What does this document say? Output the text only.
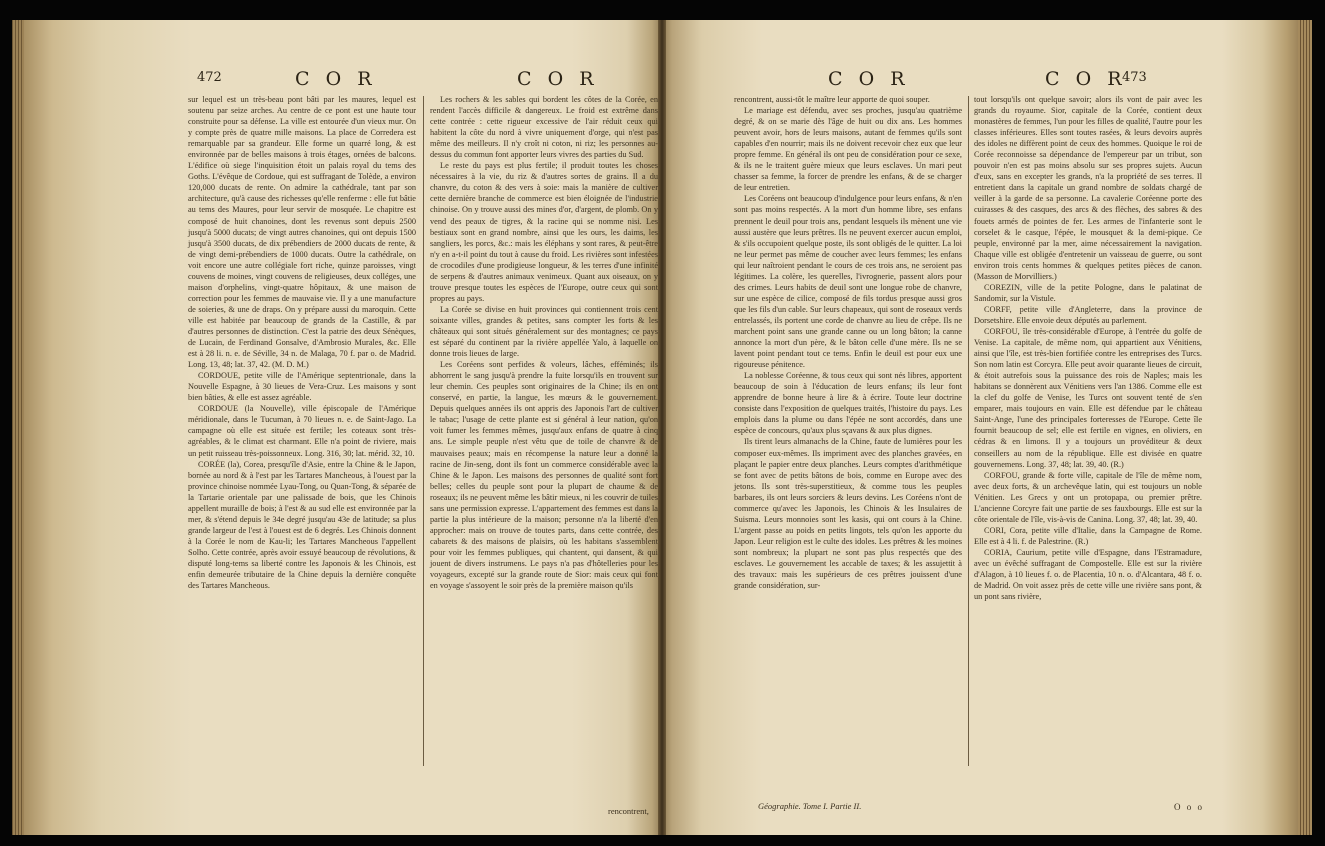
472	C O R	C O R

sur lequel est un très-beau pont bâti par les maures, lequel est soutenu par seize arches. Au centre de ce pont est une haute tour construite pour sa défense. La ville est entourée d'un vieux mur. On y compte près de quatre mille maisons. La place de Corredera est remarquable par sa grandeur. Elle forme un quarré long, & est environnée par de belles maisons à trois étages, ornées de balcons. L'édifice où siege l'inquisition étoit un palais royal du tems des Goths. L'évêque de Cordoue, qui est suffragant de Tolède, a environ 120,000 ducats de rente. On admire la cathédrale, tant par son architecture, qu'à cause des richesses qu'elle renferme : elle fut bâtie au tems des Maures, pour leur servir de mosquée. Le chapitre est composé de huit chanoines, dont les revenus sont depuis 2500 jusqu'à 5000 ducats; de vingt autres chanoines, qui ont depuis 1500 jusqu'à 3500 ducats, de dix prébendiers de 2000 ducats de rente, & de vingt demi-prébendiers de 1000 ducats. Outre la cathédrale, on voit encore une autre collégiale fort riche, quinze paroisses, vingt couvens de moines, vingt couvens de religieuses, deux colléges, une maison d'orphelins, vingt-quatre hôpitaux, & une maison de correction pour les femmes de mauvaise vie. Il y a une manufacture de soieries, & une de draps. On y prépare aussi du maroquin. Cette ville est habitée par beaucoup de grands de la Castille, & par d'autres personnes de distinction. C'est la patrie des deux Sénèques, de Lucain, de Ferdinand Gonsalve, d'Ambrosio Murales, &c. Elle est à 28 li. n. e. de Séville, 34 n. de Malaga, 70 f. par o. de Madrid. Long. 13, 48; lat. 37, 42. (M. D. M.)

CORDOUE, petite ville de l'Amérique septentrionale, dans la Nouvelle Espagne, à 30 lieues de Vera-Cruz. Les maisons y sont bien bâties, & elle est assez agréable.

CORDOUE (la Nouvelle), ville épiscopale de l'Amérique méridionale, dans le Tucuman, à 70 lieues n. e. de Saint-Jago. La campagne où elle est située est fertile; les coteaux sont très-agréables, & le climat est charmant. Elle n'a point de riviere, mais un petit ruisseau très-poissonneux. Long. 316, 30; lat. mérid. 32, 10.

CORÉE (la), Corea, presqu'île d'Asie, entre la Chine & le Japon, bornée au nord & à l'est par les Tartares Mancheous, à l'ouest par la province chinoise nommée Lyau-Tong, ou Quan-Tong, & séparée de la Tartarie orientale par une palissade de bois, que les Chinois appellent muraille de bois; à l'est & au sud elle est environnée par la mer, & s'étend depuis le 34e degré jusqu'au 43e de latitude; sa plus grande largeur de l'est à l'ouest est de 6 degrés. Les Chinois donnent à la Corée le nom de Kau-li; les Tartares Mancheous l'appellent Solho. Cette contrée, après avoir essuyé beaucoup de révolutions, & disputé long-tems sa liberté contre les Japonois & les Chinois, est enfin demeurée tributaire de la Chine depuis la dernière conquête des Tartares Mancheous.

Les rochers & les sables qui bordent les côtes de la Corée, en rendent l'accès difficile & dangereux. Le froid est extrême dans cette contrée : cette rigueur excessive de l'air réduit ceux qui habitent la côte du nord à vivre uniquement d'orge, qui n'est pas même des meilleurs. Il n'y croît ni coton, ni riz; les personnes au-dessus du commun font apporter leurs vivres des parties du Sud.

Le reste du pays est plus fertile; il produit toutes les choses nécessaires à la vie, du riz & d'autres sortes de grains. Il a du chanvre, du coton & des vers à soie: mais la manière de cultiver cette dernière branche de commerce est bien éloignée de l'industrie chinoise. On y trouve aussi des mines d'or, d'argent, de plomb. On y vend des peaux de tigres, & la racine qui se nomme nisi. Les bestiaux sont en grand nombre, ainsi que les ours, les daims, les sangliers, les porcs, &c.: mais les éléphans y sont rares, & peut-être n'y en a-t-il point du tout à cause du froid. Les rivières sont infestées de crocodiles d'une prodigieuse longueur, & les terres d'une infinité de serpens & d'autres animaux venimeux. Quant aux oiseaux, on y trouve presque toutes les espèces de l'Europe, outre ceux qui sont propres au pays.

La Corée se divise en huit provinces qui contiennent trois cent soixante villes, grandes & petites, sans compter les forts & les châteaux qui sont situés généralement sur des montagnes; ce pays est séparé du continent par la rivière appellée Yalo, à laquelle on donne trois lieues de large.

Les Coréens sont perfides & voleurs, lâches, efféminés; ils abhorrent le sang jusqu'à prendre la fuite lorsqu'ils en trouvent sur leur chemin. Ces peuples sont originaires de la Chine; ils en ont conservé, en partie, la langue, les mœurs & le gouvernement. Depuis quelques années ils ont appris des Japonois l'art de cultiver le tabac; l'usage de cette plante est si général à leur nation, qu'on voit fumer les femmes mêmes, jusqu'aux enfans de quatre à cinq ans. Le simple peuple n'est vêtu que de toile de chanvre & de mauvaises peaux; mais en récompense la nature leur a donné la racine de Jin-seng, dont ils font un commerce considérable avec la Chine & le Japon. Les maisons des personnes de qualité sont fort belles; celles du peuple sont pour la plupart de chaume & de roseaux; ils ne peuvent même les bâtir mieux, ni les couvrir de tuiles sans une permission expresse. L'appartement des femmes est dans la partie la plus intérieure de la maison; personne n'a la liberté d'en approcher: mais on trouve de toutes parts, dans cette contrée, des cabarets & des maisons de plaisirs, où les habitans s'assemblent pour voir les femmes publiques, qui chantent, qui dansent, & qui jouent de divers instrumens. Le pays n'a pas d'hôtelleries pour les voyageurs, excepté sur la grande route de Sior: mais ceux qui font en voyage s'assoyent le soir près de la première maison qu'ils

rencontrent,
C O R	C O R
473

rencontrent, aussi-tôt le maître leur apporte de quoi souper.

Le mariage est défendu, avec ses proches, jusqu'au quatrième degré, & on se marie dès l'âge de huit ou dix ans. Les hommes peuvent avoir, hors de leurs maisons, autant de femmes qu'ils sont capables d'en nourrir; mais ils ne doivent recevoir chez eux que leur propre femme. En général ils ont peu de considération pour ce sexe, & ils ne le traitent guère mieux que leurs esclaves. Un mari peut chasser sa femme, la forcer de prendre les enfans, & de se charger de leur entretien.

Les Coréens ont beaucoup d'indulgence pour leurs enfans, & n'en sont pas moins respectés. A la mort d'un homme libre, ses enfans prennent le deuil pour trois ans, pendant lesquels ils mènent une vie aussi austère que leurs prêtres. Ils ne peuvent exercer aucun emploi, & s'ils occupoient quelque poste, ils sont obligés de le quitter. La loi ne leur permet pas même de coucher avec leurs femmes; les enfans qui leur naîtroient pendant le cours de ces trois ans, ne seroient pas légitimes. La colère, les querelles, l'ivrognerie, passent alors pour des crimes. Leurs habits de deuil sont une longue robe de chanvre, sur une espèce de cilice, composé de fils tordus presque aussi gros que les fils d'un cable. Sur leurs chapeaux, qui sont de roseaux verds entrelassés, ils portent une corde de chanvre au lieu de crêpe. Ils ne marchent point sans une grande canne ou un long bâton; la canne annonce la mort d'un père, & le bâton celle d'une mère. Ils ne se lavent point pendant tout ce tems. Enfin le deuil est pour eux une rigoureuse pénitence.

La noblesse Coréenne, & tous ceux qui sont nés libres, apportent beaucoup de soin à l'éducation de leurs enfans; ils leur font apprendre de bonne heure à lire & à écrire. Toute leur doctrine consiste dans l'exposition de quelques traités, l'histoire du pays. Les emplois dans la plume ou dans l'épée ne sont accordés, dans une espèce de concours, qu'aux plus sçavans & aux plus dignes.

Ils tirent leurs almanachs de la Chine, faute de lumières pour les composer eux-mêmes. Ils impriment avec des planches gravées, en plaçant le papier entre deux planches. Leurs comptes d'arithmétique se font avec de petits bâtons de bois, comme en Europe avec des jetons. Ils sont très-superstitieux, & comme tous les peuples barbares, ils ont leurs sorciers & leurs devins. Les Coréens n'ont de commerce qu'avec les Japonois, les Chinois & les Insulaires de Suisma. Leurs monnoies sont les kasis, qui ont cours à la Chine. L'argent passe au poids en petits lingots, tels qu'on les apporte du Japon. Leur religion est le culte des idoles. Les prêtres & les moines sont nombreux; la plupart ne sont pas plus respectés que des esclaves. Le gouvernement les accable de taxes; & les assujettit à des travaux: mais les supérieurs de ces prêtres jouissent d'une grande considération, sur-

tout lorsqu'ils ont quelque savoir; alors ils vont de pair avec les grands du royaume. Sior, capitale de la Corée, contient deux monastères de femmes, l'un pour les filles de qualité, l'autre pour les classes inférieures. Elles sont toutes rasées, & leurs devoirs auprès des idoles ne diffèrent point de ceux des hommes. Quoique le roi de Corée reconnoisse sa dépendance de l'empereur par un tribut, son pouvoir n'en est pas moins absolu sur ses propres sujets. Aucun d'eux, sans en excepter les grands, n'a la propriété de ses terres. Il entretient dans la capitale un grand nombre de soldats chargé de veiller à la garde de sa personne. La cavalerie Coréenne porte des cuirasses & des casques, des arcs & des flèches, des sabres & des fouets armés de pointes de fer. Les armes de l'infanterie sont le corselet & le casque, l'épée, le mousquet & la demi-pique. Ce peuple, environné par la mer, aime nécessairement la navigation. Chaque ville est obligée d'entretenir un vaisseau de guerre, ou sont environ trois cents hommes & quelques petites pièces de canon. (Masson de Morvilliers.)

COREZIN, ville de la petite Pologne, dans le palatinat de Sandomir, sur la Vistule.

CORFF, petite ville d'Angleterre, dans la province de Dorsetshire. Elle envoie deux députés au parlement.

CORFOU, île très-considérable d'Europe, à l'entrée du golfe de Venise. La capitale, de même nom, qui appartient aux Vénitiens, ainsi que l'île, est très-bien fortifiée contre les entreprises des Turcs. Son nom latin est Corcyra. Elle peut avoir quarante lieues de circuit, & étoit autrefois sous la puissance des rois de Naples; mais les habitans se donnèrent aux Vénitiens vers l'an 1386. Comme elle est la clef du golfe de Venise, les Turcs ont souvent tenté de s'en emparer, mais toujours en vain. Elle est défendue par le château Saint-Ange, l'une des principales forteresses de l'Europe. Cette île fournit beaucoup de sel; elle est fertile en vignes, en oliviers, en cédras & en limons. Il y a toujours un provéditeur & deux conseillers au nom de la république. Elle est divisée en quatre gouvernemens. Long. 37, 48; lat. 39, 40. (R.)

CORFOU, grande & forte ville, capitale de l'île de même nom, avec deux forts, & un archevêque latin, qui est toujours un noble Vénitien. Les Grecs y ont un protopapa, ou premier prêtre. L'ancienne Corcyre fait une partie de ses fauxbourgs. Elle est sur la côte orientale de l'île, vis-à-vis de Canina. Long. 37, 48; lat. 39, 40.

CORI, Cora, petite ville d'Italie, dans la Campagne de Rome. Elle est à 4 li. f. de Palestrine. (R.)

CORIA, Caurium, petite ville d'Espagne, dans l'Estramadure, avec un évêché suffragant de Compostelle. Elle est sur la rivière d'Alagon, à 10 lieues f. o. de Placentia, 10 n. o. d'Alcantara, 48 f. o. de Madrid. On voit assez près de cette ville une rivière sans pont, & un pont sans rivière,

Géographie. Tome I. Partie II.	O o o
